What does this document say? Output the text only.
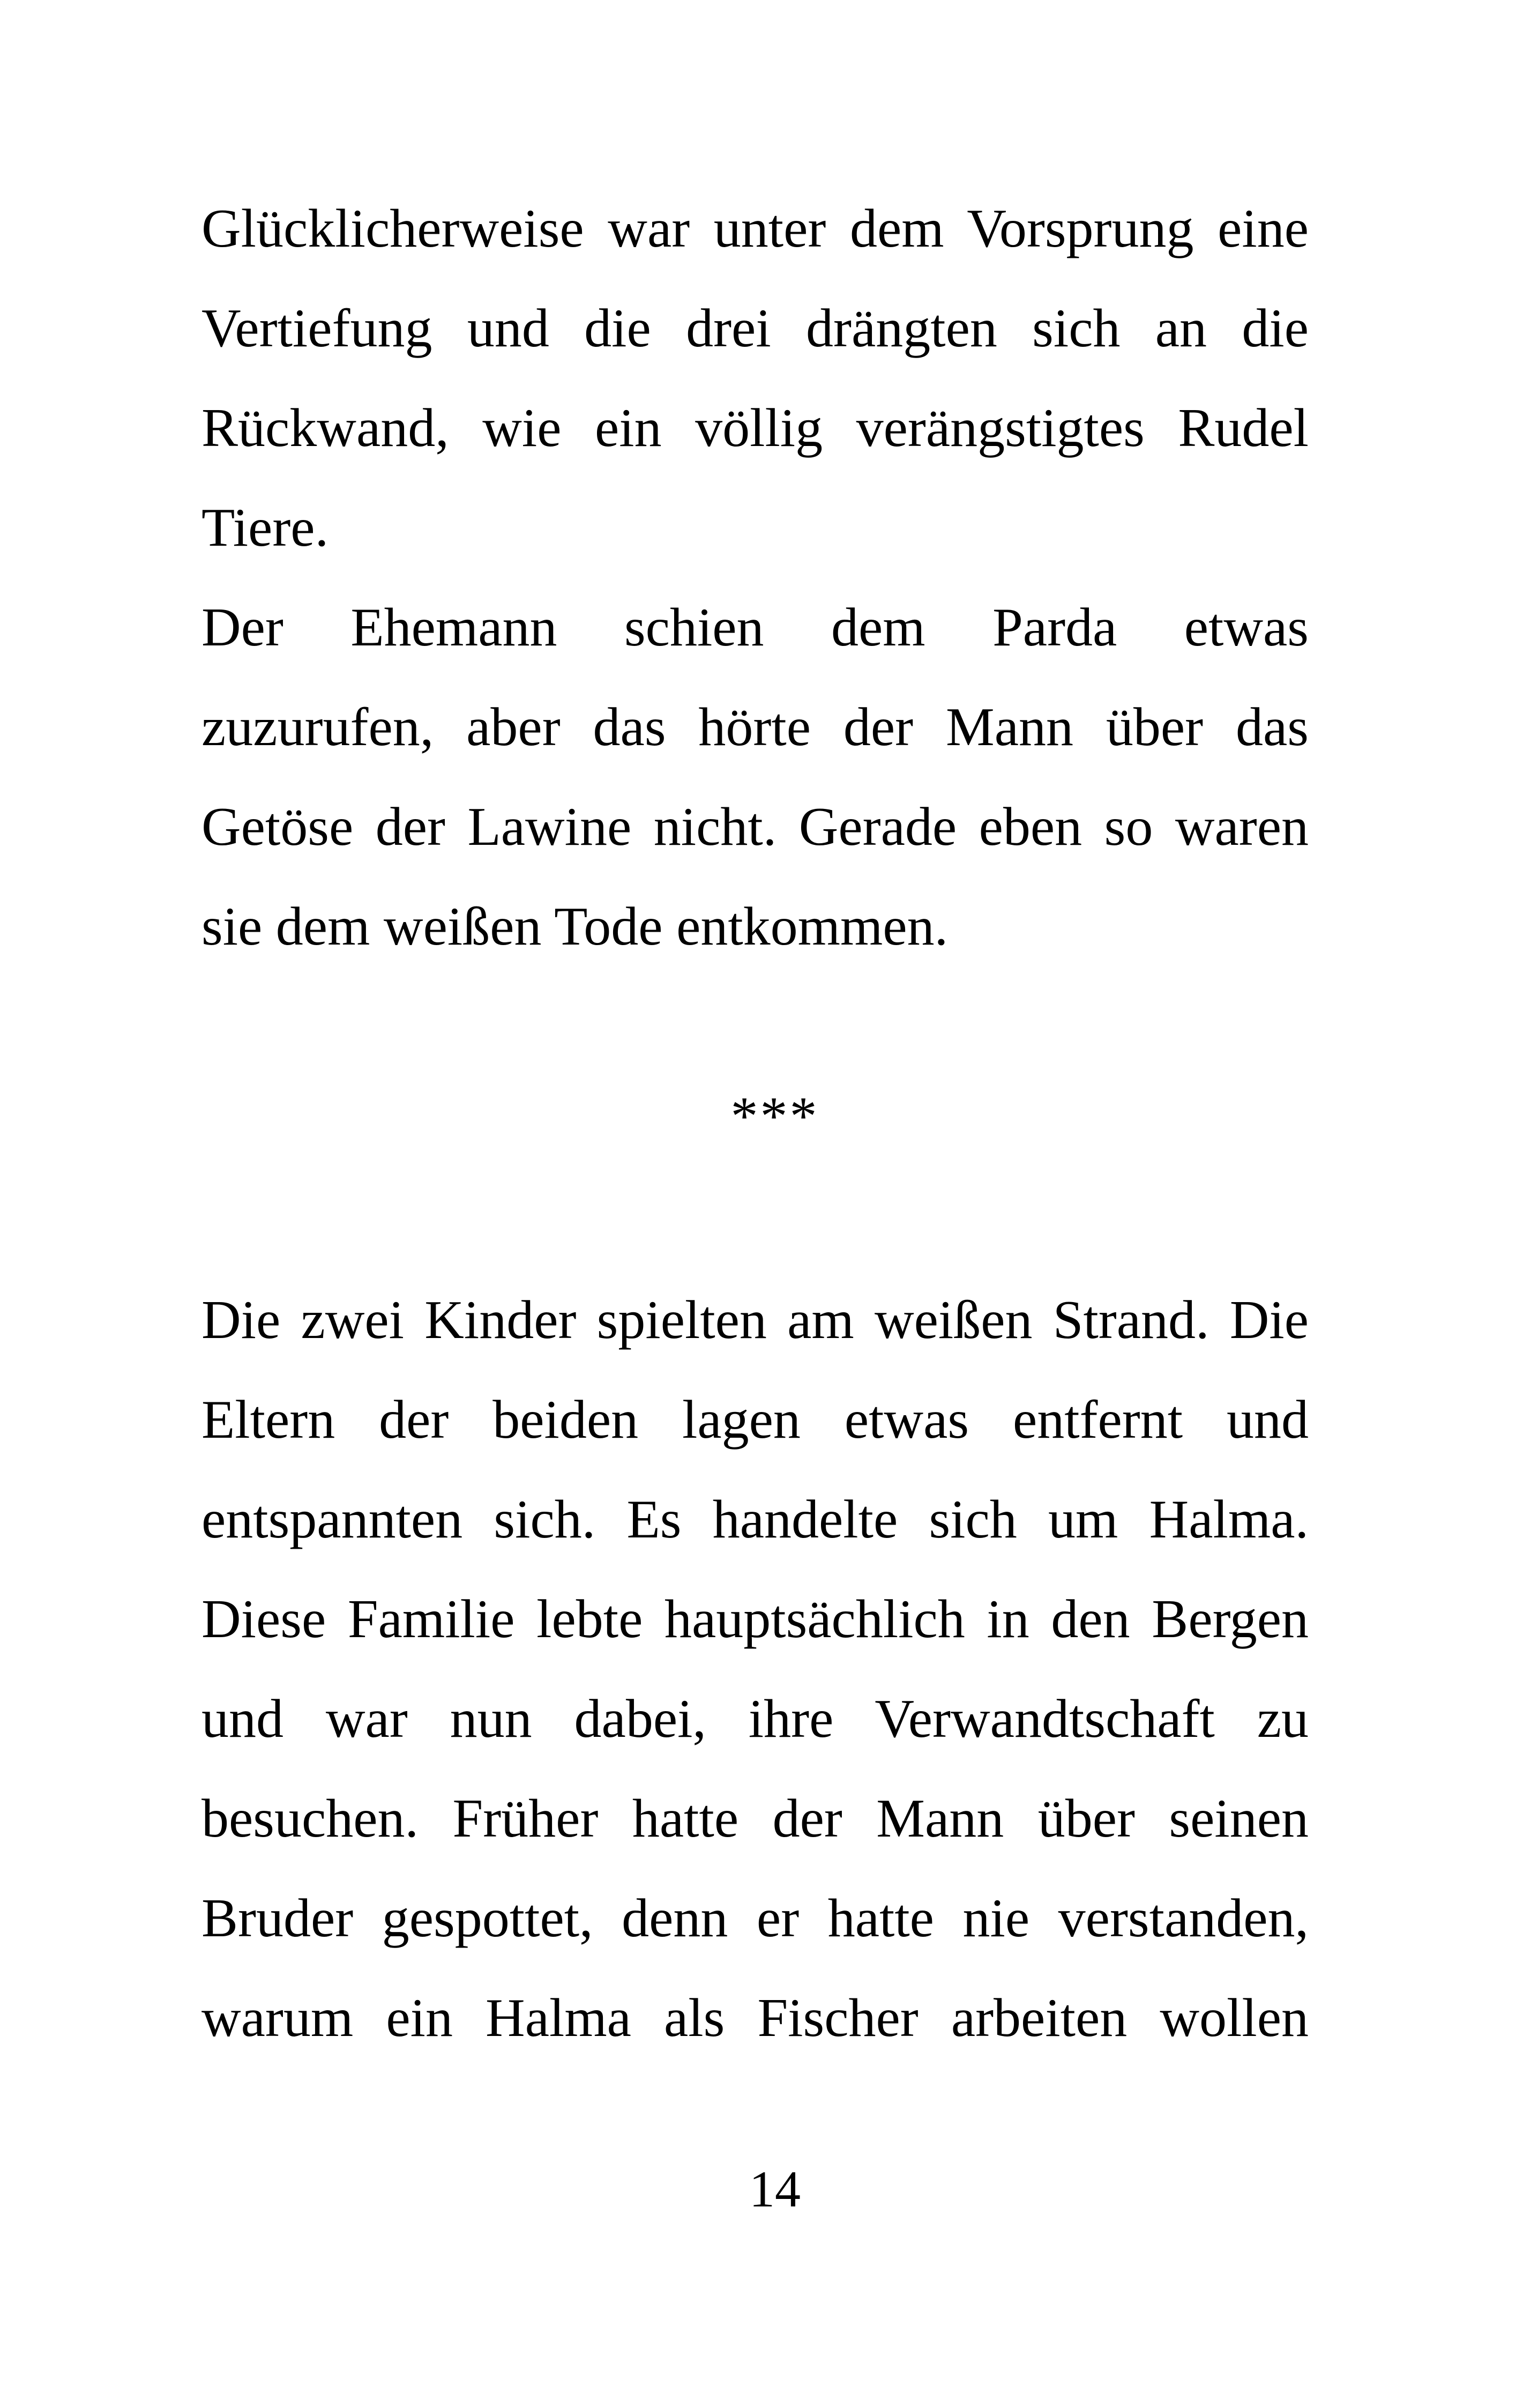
Glücklicherweise war unter dem Vorsprung eine
Vertiefung und die drei drängten sich an die
Rückwand, wie ein völlig verängstigtes Rudel
Tiere.
Der Ehemann schien dem Parda etwas
zuzurufen, aber das hörte der Mann über das
Getöse der Lawine nicht. Gerade eben so waren
sie dem weißen Tode entkommen.
***
Die zwei Kinder spielten am weißen Strand. Die
Eltern der beiden lagen etwas entfernt und
entspannten sich. Es handelte sich um Halma.
Diese Familie lebte hauptsächlich in den Bergen
und war nun dabei, ihre Verwandtschaft zu
besuchen. Früher hatte der Mann über seinen
Bruder gespottet, denn er hatte nie verstanden,
warum ein Halma als Fischer arbeiten wollen
14
